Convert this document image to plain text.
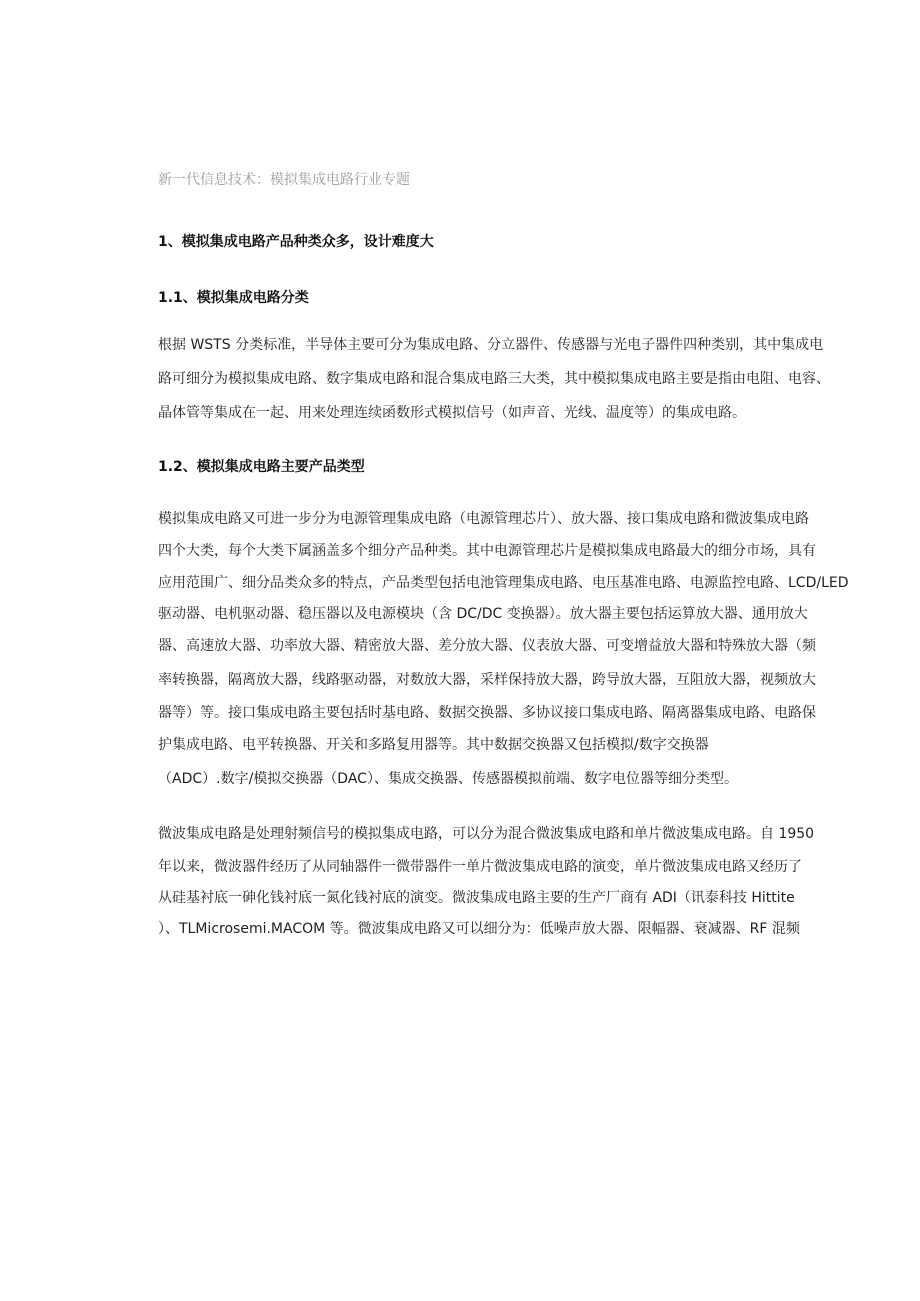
新一代信息技术：模拟集成电路行业专题
1、模拟集成电路产品种类众多，设计难度大
1.1、模拟集成电路分类
根据 WSTS 分类标准，半导体主要可分为集成电路、分立器件、传感器与光电子器件四种类别，其中集成电
路可细分为模拟集成电路、数字集成电路和混合集成电路三大类，其中模拟集成电路主要是指由电阻、电容、
晶体管等集成在一起、用来处理连续函数形式模拟信号（如声音、光线、温度等）的集成电路。
1.2、模拟集成电路主要产品类型
模拟集成电路又可进一步分为电源管理集成电路（电源管理芯片）、放大器、接口集成电路和微波集成电路
四个大类，每个大类下属涵盖多个细分产品种类。其中电源管理芯片是模拟集成电路最大的细分市场，具有
应用范围广、细分品类众多的特点，产品类型包括电池管理集成电路、电压基准电路、电源监控电路、LCD/LED
驱动器、电机驱动器、稳压器以及电源模块（含 DC/DC 变换器）。放大器主要包括运算放大器、通用放大
器、高速放大器、功率放大器、精密放大器、差分放大器、仪表放大器、可变增益放大器和特殊放大器（频
率转换器，隔离放大器，线路驱动器，对数放大器，采样保持放大器，跨导放大器，互阻放大器，视频放大
器等）等。接口集成电路主要包括时基电路、数据交换器、多协议接口集成电路、隔离器集成电路、电路保
护集成电路、电平转换器、开关和多路复用器等。其中数据交换器又包括模拟/数字交换器
（ADC）.数字/模拟交换器（DAC）、集成交换器、传感器模拟前端、数字电位器等细分类型。
微波集成电路是处理射频信号的模拟集成电路，可以分为混合微波集成电路和单片微波集成电路。自 1950
年以来，微波器件经历了从同轴器件一微带器件一单片微波集成电路的演变，单片微波集成电路又经历了
从硅基衬底一砷化钱衬底一氮化钱衬底的演变。微波集成电路主要的生产厂商有 ADI（讯泰科技 Hittite
）、TLMicrosemi.MACOM 等。微波集成电路又可以细分为：低噪声放大器、限幅器、衰减器、RF 混频
